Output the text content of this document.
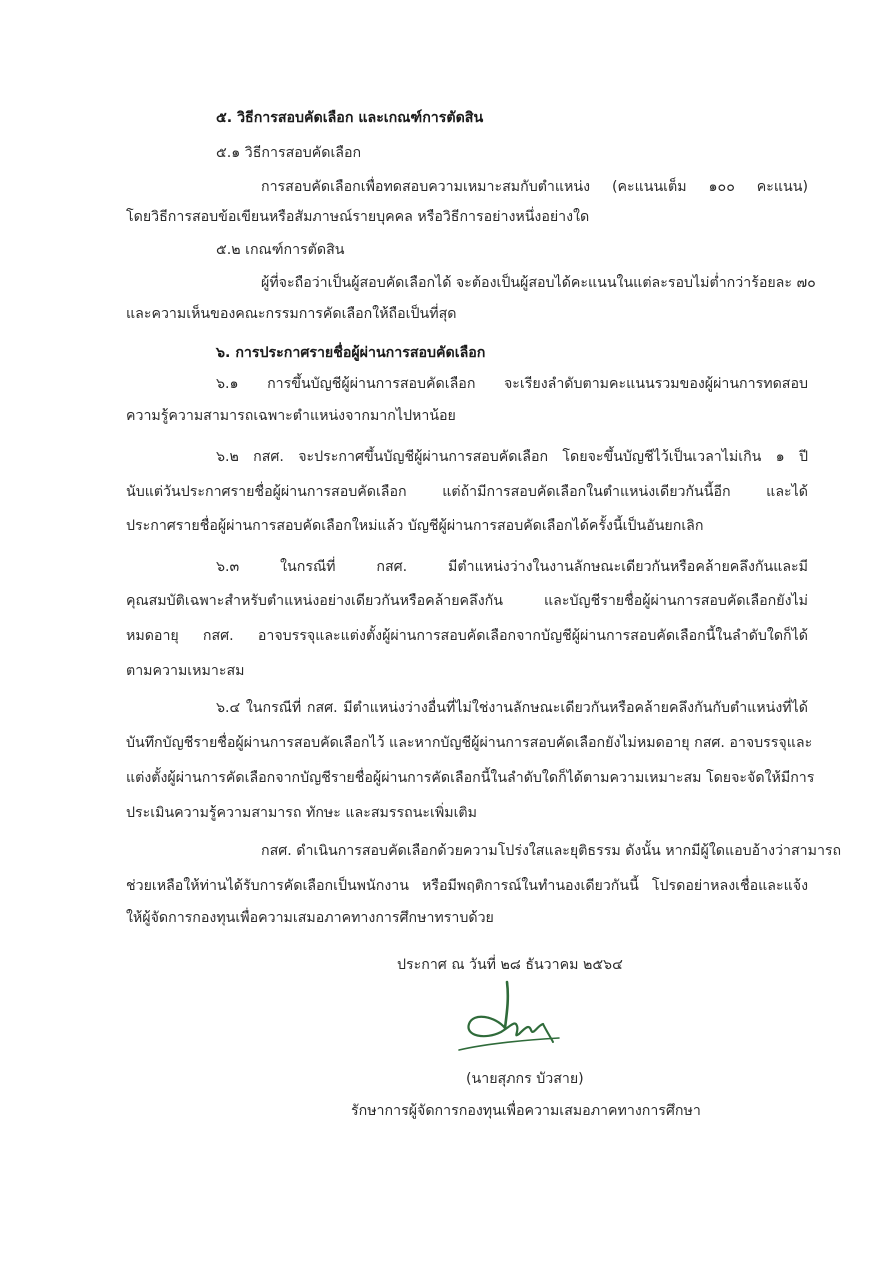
๕. วิธีการสอบคัดเลือก และเกณฑ์การตัดสิน
๕.๑ วิธีการสอบคัดเลือก
การสอบคัดเลือกเพื่อทดสอบความเหมาะสมกับตำแหน่ง (คะแนนเต็ม ๑๐๐ คะแนน)
โดยวิธีการสอบข้อเขียนหรือสัมภาษณ์รายบุคคล หรือวิธีการอย่างหนึ่งอย่างใด
๕.๒ เกณฑ์การตัดสิน
ผู้ที่จะถือว่าเป็นผู้สอบคัดเลือกได้ จะต้องเป็นผู้สอบได้คะแนนในแต่ละรอบไม่ต่ำกว่าร้อยละ ๗๐
และความเห็นของคณะกรรมการคัดเลือกให้ถือเป็นที่สุด
๖. การประกาศรายชื่อผู้ผ่านการสอบคัดเลือก
๖.๑ การขึ้นบัญชีผู้ผ่านการสอบคัดเลือก จะเรียงลำดับตามคะแนนรวมของผู้ผ่านการทดสอบ
ความรู้ความสามารถเฉพาะตำแหน่งจากมากไปหาน้อย
๖.๒ กสศ. จะประกาศขึ้นบัญชีผู้ผ่านการสอบคัดเลือก โดยจะขึ้นบัญชีไว้เป็นเวลาไม่เกิน ๑ ปี
นับแต่วันประกาศรายชื่อผู้ผ่านการสอบคัดเลือก แต่ถ้ามีการสอบคัดเลือกในตำแหน่งเดียวกันนี้อีก และได้
ประกาศรายชื่อผู้ผ่านการสอบคัดเลือกใหม่แล้ว บัญชีผู้ผ่านการสอบคัดเลือกได้ครั้งนี้เป็นอันยกเลิก
๖.๓ ในกรณีที่ กสศ. มีตำแหน่งว่างในงานลักษณะเดียวกันหรือคล้ายคลึงกันและมี
คุณสมบัติเฉพาะสำหรับตำแหน่งอย่างเดียวกันหรือคล้ายคลึงกัน และบัญชีรายชื่อผู้ผ่านการสอบคัดเลือกยังไม่
หมดอายุ กสศ. อาจบรรจุและแต่งตั้งผู้ผ่านการสอบคัดเลือกจากบัญชีผู้ผ่านการสอบคัดเลือกนี้ในลำดับใดก็ได้
ตามความเหมาะสม
๖.๔ ในกรณีที่ กสศ. มีตำแหน่งว่างอื่นที่ไม่ใช่งานลักษณะเดียวกันหรือคล้ายคลึงกันกับตำแหน่งที่ได้
บันทึกบัญชีรายชื่อผู้ผ่านการสอบคัดเลือกไว้ และหากบัญชีผู้ผ่านการสอบคัดเลือกยังไม่หมดอายุ กสศ. อาจบรรจุและ
แต่งตั้งผู้ผ่านการคัดเลือกจากบัญชีรายชื่อผู้ผ่านการคัดเลือกนี้ในลำดับใดก็ได้ตามความเหมาะสม โดยจะจัดให้มีการ
ประเมินความรู้ความสามารถ ทักษะ และสมรรถนะเพิ่มเติม
กสศ. ดำเนินการสอบคัดเลือกด้วยความโปร่งใสและยุติธรรม ดังนั้น หากมีผู้ใดแอบอ้างว่าสามารถ
ช่วยเหลือให้ท่านได้รับการคัดเลือกเป็นพนักงาน หรือมีพฤติการณ์ในทำนองเดียวกันนี้ โปรดอย่าหลงเชื่อและแจ้ง
ให้ผู้จัดการกองทุนเพื่อความเสมอภาคทางการศึกษาทราบด้วย
ประกาศ ณ วันที่ ๒๘ ธันวาคม ๒๕๖๔
(นายสุภกร บัวสาย)
รักษาการผู้จัดการกองทุนเพื่อความเสมอภาคทางการศึกษา
